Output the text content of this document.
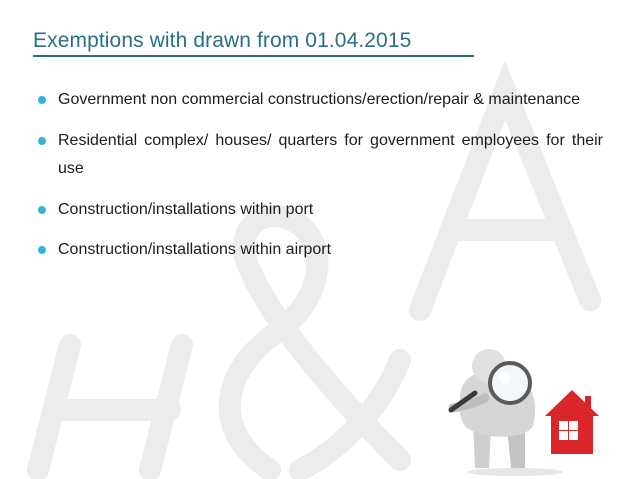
Exemptions with drawn from 01.04.2015
Government non commercial constructions/erection/repair & maintenance
Residential complex/ houses/ quarters for government employees for their use
Construction/installations within port
Construction/installations within airport
